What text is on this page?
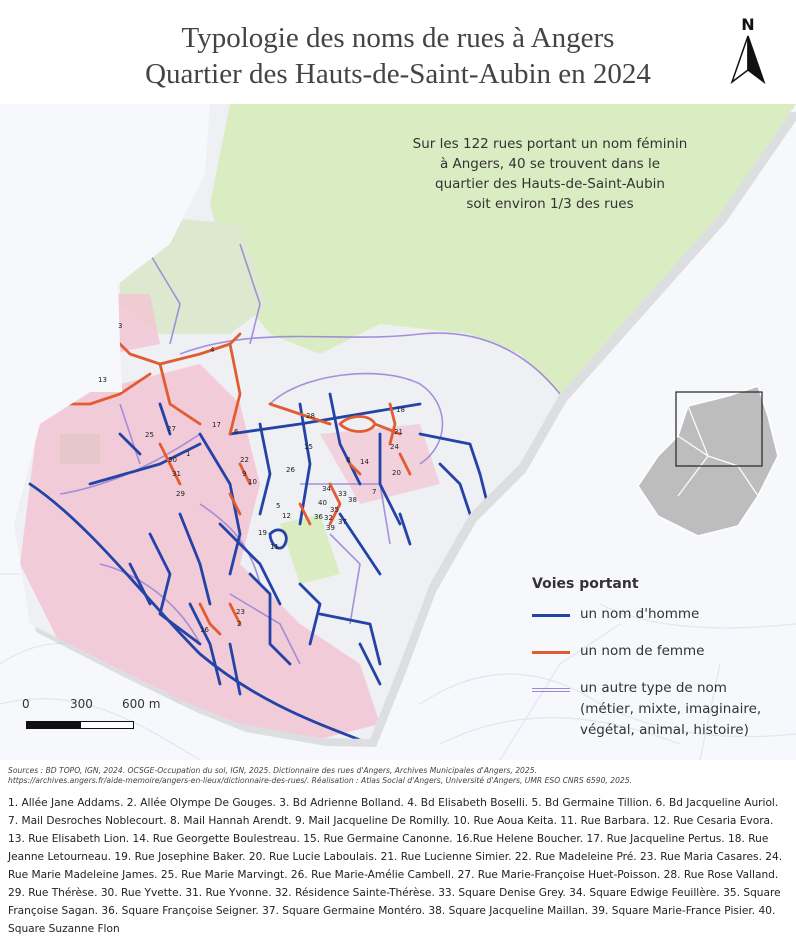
Typologie des noms de rues à Angers
Quartier des Hauts-de-Saint-Aubin en 2024
N
3
4
13
25
27	17
6
30
31
29
22
9	26
28
18
21
24
14
20
8
7
34
33
38
35
40
36 32 37
39
5
12
19
11
23
2
16
1
10
15
Sur les 122 rues portant un nom féminin
à Angers, 40 se trouvent dans le
quartier des Hauts-de-Saint-Aubin
soit environ 1/3 des rues
Voies portant
un nom d'homme
un nom de femme
un autre type de nom
(métier, mixte, imaginaire,
végétal, animal, histoire)
0	300 600 m
Sources : BD TOPO, IGN, 2024. OCSGE-Occupation du sol, IGN, 2025. Dictionnaire des rues d'Angers, Archives Municipales d'Angers, 2025.
https://archives.angers.fr/aide-memoire/angers-en-lieux/dictionnaire-des-rues/. Réalisation : Atlas Social d'Angers, Université d'Angers, UMR ESO CNRS 6590, 2025.
1. Allée Jane Addams. 2. Allée Olympe De Gouges. 3. Bd Adrienne Bolland. 4. Bd Elisabeth Boselli. 5. Bd Germaine Tillion. 6. Bd Jacqueline Auriol. 7. Mail Desroches Noblecourt. 8. Mail Hannah Arendt. 9. Mail Jacqueline De Romilly. 10. Rue Aoua Keita. 11. Rue Barbara. 12. Rue Cesaria Evora. 13. Rue Elisabeth Lion. 14. Rue Georgette Boulestreau. 15. Rue Germaine Canonne. 16.Rue Helene Boucher. 17. Rue Jacqueline Pertus. 18. Rue Jeanne Letourneau. 19. Rue Josephine Baker. 20. Rue Lucie Laboulais. 21. Rue Lucienne Simier. 22. Rue Madeleine Pré. 23. Rue Maria Casares. 24. Rue Marie Madeleine James. 25. Rue Marie Marvingt. 26. Rue Marie-Amélie Cambell. 27. Rue Marie-Françoise Huet-Poisson. 28. Rue Rose Valland. 29. Rue Thérèse. 30. Rue Yvette. 31. Rue Yvonne. 32. Résidence Sainte-Thérèse. 33. Square Denise Grey. 34. Square Edwige Feuillère. 35. Square Françoise Sagan. 36. Square Françoise Seigner. 37. Square Germaine Montéro. 38. Square Jacqueline Maillan. 39. Square Marie-France Pisier. 40. Square Suzanne Flon
